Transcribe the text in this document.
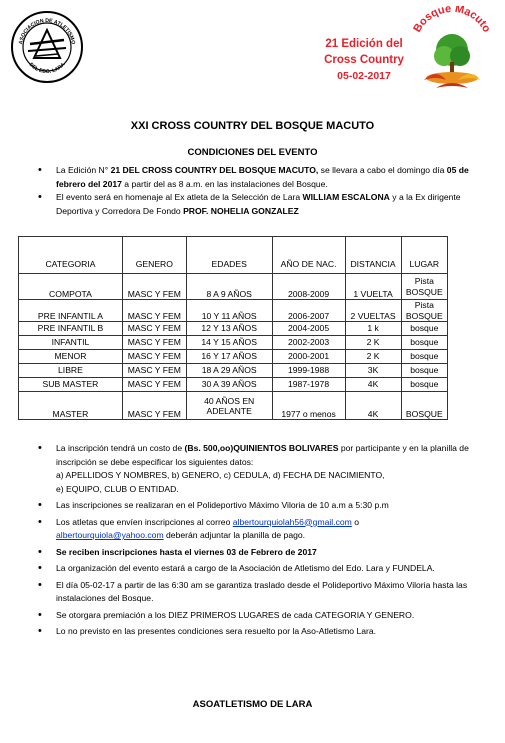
ASOCIACION DE ATLETISMO
DEL EDO. LARA
21 Edición del
Cross Country
05-02-2017
Bosque Macuto
XXI CROSS COUNTRY DEL BOSQUE MACUTO
CONDICIONES DEL EVENTO
• La Edición N° 21 DEL CROSS COUNTRY DEL BOSQUE MACUTO, se llevara a cabo el domingo día 05 de febrero del 2017 a partir del as 8 a.m. en las instalaciones del Bosque.
• El evento será en homenaje al Ex atleta de la Selección de Lara WILLIAM ESCALONA y a la Ex dirigente Deportiva y Corredora De Fondo PROF. NOHELIA GONZALEZ
CATEGORIA	GENERO	EDADES	AÑO DE NAC.	DISTANCIA	LUGAR
COMPOTA	MASC Y FEM	8 A 9 AÑOS	2008-2009	1 VUELTA	Pista BOSQUE
PRE INFANTIL A	MASC Y FEM	10 Y 11 AÑOS	2006-2007	2 VUELTAS	Pista BOSQUE
PRE INFANTIL B	MASC Y FEM	12 Y 13 AÑOS	2004-2005	1 k	bosque
INFANTIL	MASC Y FEM	14 Y 15 AÑOS	2002-2003	2 K	bosque
MENOR	MASC Y FEM	16 Y 17 AÑOS	2000-2001	2 K	bosque
LIBRE	MASC Y FEM	18 A 29 AÑOS	1999-1988	3K	bosque
SUB MASTER	MASC Y FEM	30 A 39 AÑOS	1987-1978	4K	bosque
MASTER	MASC Y FEM	40 AÑOS EN ADELANTE	1977 o menos	4K	BOSQUE
• La inscripción tendrá un costo de (Bs. 500,oo)QUINIENTOS BOLIVARES por participante y en la planilla de inscripción se debe especificar los siguientes datos:
a) APELLIDOS Y NOMBRES, b) GENERO, c) CEDULA, d) FECHA DE NACIMIENTO,
e) EQUIPO, CLUB O ENTIDAD.
• Las inscripciones se realizaran en el Polideportivo Máximo Viloria de 10 a.m a 5:30 p.m
• Los atletas que envíen inscripciones al correo albertourquiolah56@gmail.com o
albertourquiola@yahoo.com deberán adjuntar la planilla de pago.
• Se reciben inscripciones hasta el viernes 03 de Febrero de 2017
• La organización del evento estará a cargo de la Asociación de Atletismo del Edo. Lara y FUNDELA.
• El día 05-02-17 a partir de las 6:30 am se garantiza traslado desde el Polideportivo Máximo Viloria hasta las instalaciones del Bosque.
• Se otorgara premiación a los DIEZ PRIMEROS LUGARES de cada CATEGORIA Y GENERO.
• Lo no previsto en las presentes condiciones sera resuelto por la Aso-Atletismo Lara.
ASOATLETISMO DE LARA
